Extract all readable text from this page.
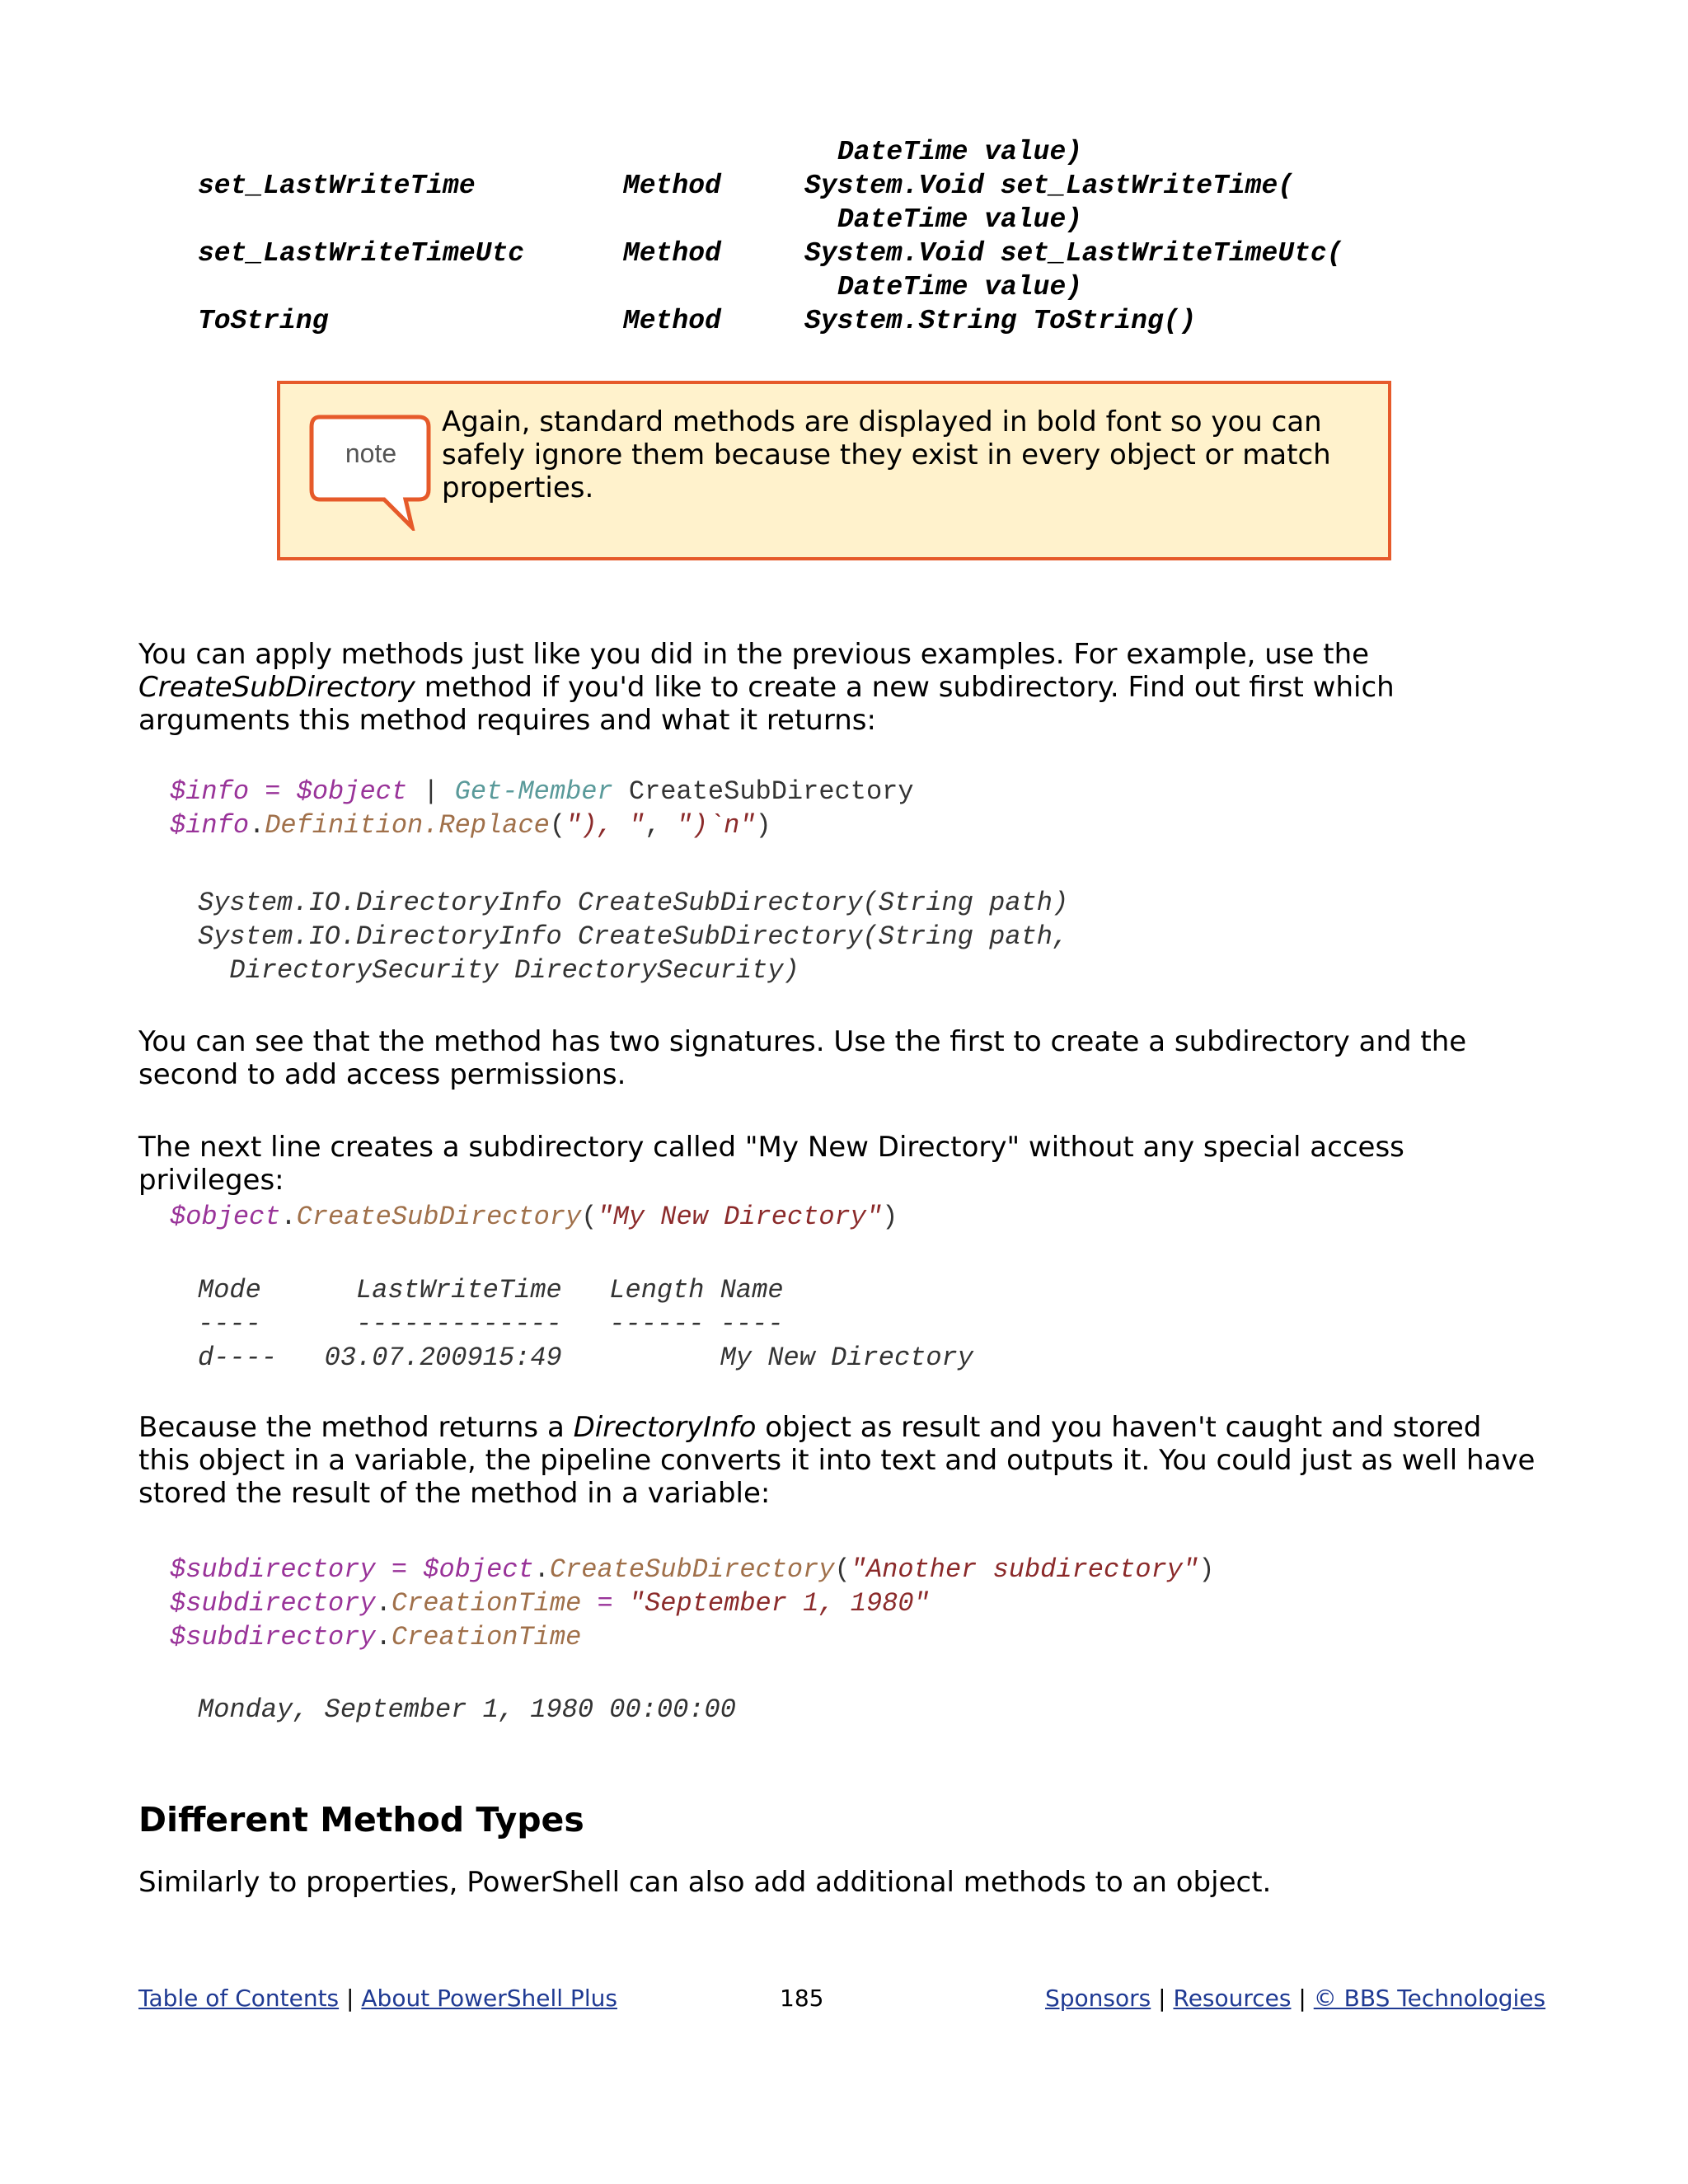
DateTime value)
set_LastWriteTime	Method	System.Void set_LastWriteTime(
DateTime value)
set_LastWriteTimeUtc	Method	System.Void set_LastWriteTimeUtc(
DateTime value)
ToString	Method	System.String ToString()
note
Again, standard methods are displayed in bold font so you can safely ignore them because they exist in every object or match properties.
You can apply methods just like you did in the previous examples. For example, use the CreateSubDirectory method if you'd like to create a new subdirectory. Find out first which arguments this method requires and what it returns:
$info = $object | Get-Member CreateSubDirectory
$info.Definition.Replace("), ", ")`n")
System.IO.DirectoryInfo CreateSubDirectory(String path)
System.IO.DirectoryInfo CreateSubDirectory(String path,
DirectorySecurity DirectorySecurity)
You can see that the method has two signatures. Use the first to create a subdirectory and the second to add access permissions.
The next line creates a subdirectory called "My New Directory" without any special access privileges:
$object.CreateSubDirectory("My New Directory")
Mode      LastWriteTime   Length Name
----      -------------   ------ ----
d----   03.07.200915:49          My New Directory
Because the method returns a DirectoryInfo object as result and you haven't caught and stored this object in a variable, the pipeline converts it into text and outputs it. You could just as well have stored the result of the method in a variable:
$subdirectory = $object.CreateSubDirectory("Another subdirectory")
$subdirectory.CreationTime = "September 1, 1980"
$subdirectory.CreationTime
Monday, September 1, 1980 00:00:00
Different Method Types
Similarly to properties, PowerShell can also add additional methods to an object.
Table of Contents | About PowerShell Plus	185	Sponsors | Resources | © BBS Technologies
